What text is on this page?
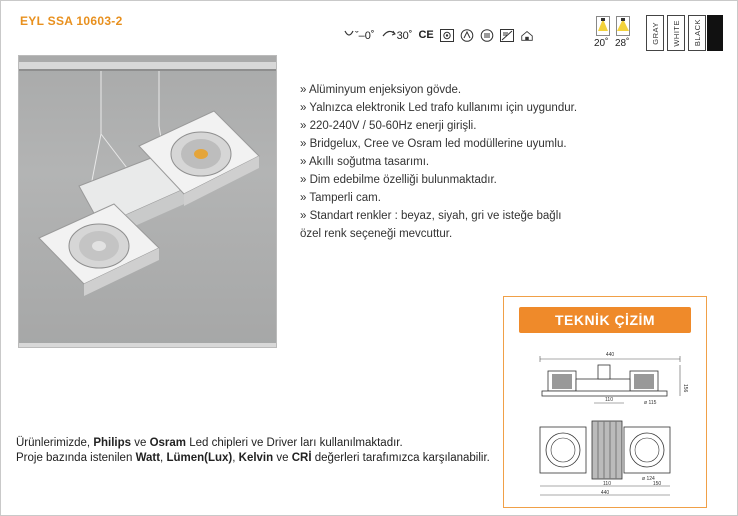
EYL SSA 10603-2
ˇ–0˚	30˚ CE
20˚ 28˚	GRAY WHITE BLACK
» Alüminyum enjeksiyon gövde.
» Yalnızca elektronik Led trafo kullanımı için uygundur.
» 220-240V / 50-60Hz enerji girişli.
» Bridgelux, Cree ve Osram led modüllerine uyumlu.
» Akıllı soğutma tasarımı.
» Dim edebilme özelliği bulunmaktadır.
» Tamperli cam.
» Standart renkler : beyaz, siyah, gri ve isteğe bağlı
özel renk seçeneği mevcuttur.
TEKNİK ÇİZİM
440
156
110	ø 115
ø 124
110	150
440
Ürünlerimizde, Philips ve Osram Led chipleri ve Driver ları kullanılmaktadır.
Proje bazında istenilen Watt, Lümen(Lux), Kelvin ve CRİ değerleri tarafımızca karşılanabilir.
